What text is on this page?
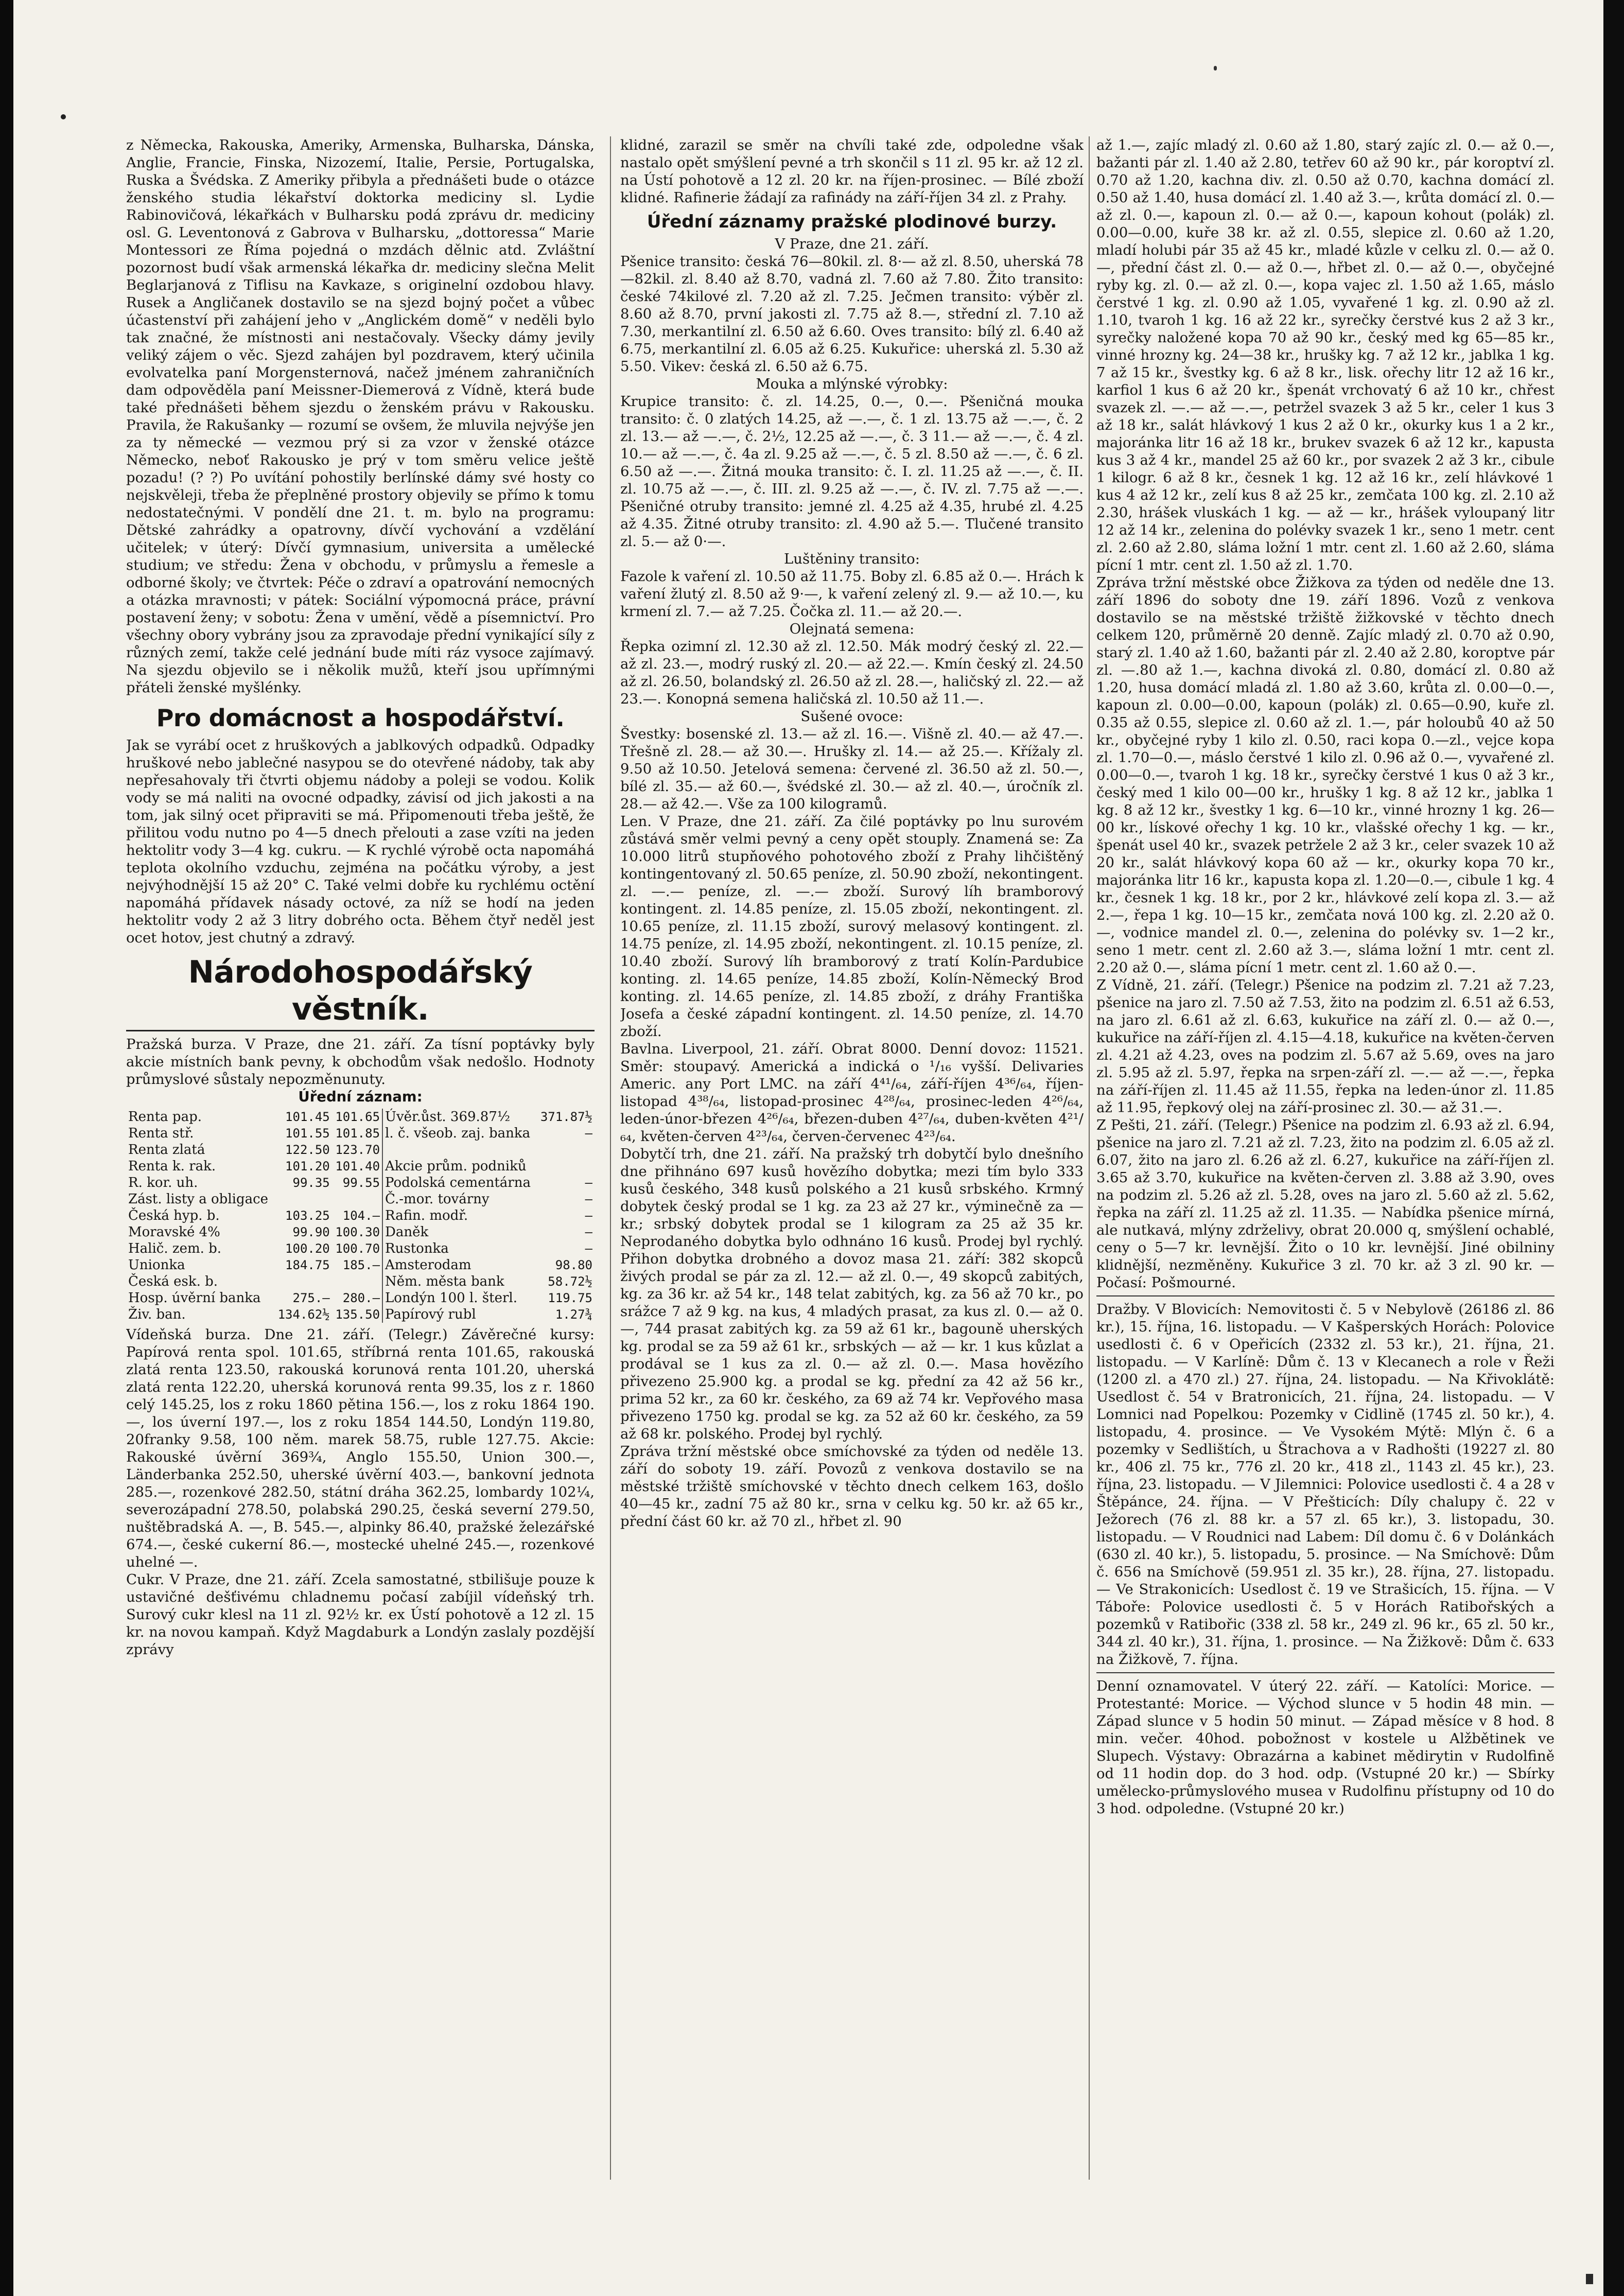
z Německa, Rakouska, Ameriky, Armenska, Bulharska, Dánska, Anglie, Francie, Finska, Nizozemí, Italie, Persie, Portugalska, Ruska a Švédska. Z Ameriky přibyla a přednášeti bude o otázce ženského studia lékařství doktorka mediciny sl. Lydie Rabinovičová, lékařkách v Bulharsku podá zprávu dr. mediciny osl. G. Leventonová z Gabrova v Bulharsku, „dottoressa“ Marie Montessori ze Říma pojedná o mzdách dělnic atd. Zvláštní pozornost budí však armenská lékařka dr. mediciny slečna Melit Beglarjanová z Tiflisu na Kavkaze, s originelní ozdobou hlavy. Rusek a Angličanek dostavilo se na sjezd bojný počet a vůbec účastenství při zahájení jeho v „Anglickém domě“ v neděli bylo tak značné, že místnosti ani nestačovaly. Všecky dámy jevily veliký zájem o věc. Sjezd zahájen byl pozdravem, který učinila evolvatelka paní Morgensternová, načež jménem zahraničních dam odpověděla paní Meissner-Diemerová z Vídně, která bude také přednášeti během sjezdu o ženském právu v Rakousku. Pravila, že Rakušanky — rozumí se ovšem, že mluvila nejvýše jen za ty německé — vezmou prý si za vzor v ženské otázce Německo, neboť Rakousko je prý v tom směru velice ještě pozadu! (? ?) Po uvítání pohostily berlínské dámy své hosty co nejskvěleji, třeba že přeplněné prostory objevily se přímo k tomu nedostatečnými. V pondělí dne 21. t. m. bylo na programu: Dětské zahrádky a opatrovny, dívčí vychování a vzdělání učitelek; v úterý: Dívčí gymnasium, universita a umělecké studium; ve středu: Žena v obchodu, v průmyslu a řemesle a odborné školy; ve čtvrtek: Péče o zdraví a opatrování nemocných a otázka mravnosti; v pátek: Sociální výpomocná práce, právní postavení ženy; v sobotu: Žena v umění, vědě a písemnictví. Pro všechny obory vybrány jsou za zpravodaje přední vynikající síly z různých zemí, takže celé jednání bude míti ráz vysoce zajímavý. Na sjezdu objevilo se i několik mužů, kteří jsou upřímnými přáteli ženské myšlénky.

Pro domácnost a hospodářství.

Jak se vyrábí ocet z hruškových a jablkových odpadků. Odpadky hruškové nebo jablečné nasypou se do otevřené nádoby, tak aby nepřesahovaly tři čtvrti objemu nádoby a poleji se vodou. Kolik vody se má naliti na ovocné odpadky, závisí od jich jakosti a na tom, jak silný ocet připraviti se má. Připomenouti třeba ještě, že přilitou vodu nutno po 4—5 dnech přelouti a zase vzíti na jeden hektolitr vody 3—4 kg. cukru. — K rychlé výrobě octa napomáhá teplota okolního vzduchu, zejména na počátku výroby, a jest nejvýhodnější 15 až 20° C. Také velmi dobře ku rychlému octění napomáhá přídavek násady octové, za níž se hodí na jeden hektolitr vody 2 až 3 litry dobrého octa. Během čtyř neděl jest ocet hotov, jest chutný a zdravý.

Národohospodářský věstník.

Pražská burza. V Praze, dne 21. září. Za tísní poptávky byly akcie místních bank pevny, k obchodům však nedošlo. Hodnoty průmyslové sůstaly nepozměnunuty.

Úřední záznam:
Renta pap.	101.45	101.65	Úvěr.ůst. 369.87½	371.87½
Renta stř.	101.55	101.85	l. č. všeob. zaj. banka	—
Renta zlatá	122.50	123.70		
Renta k. rak.	101.20	101.40	Akcie prům. podniků	
R. kor. uh.	99.35	99.55	Podolská cementárna	—
Zást. listy a obligace			Č.-mor. továrny	—
Česká hyp. b.	103.25	104.—	Rafin. modř.	—
Moravské 4%	99.90	100.30	Daněk	—
Halič. zem. b.	100.20	100.70	Rustonka	—
Unionka	184.75	185.—	Amsterodam	98.80
Česká esk. b.			Něm. města bank	58.72½
Hosp. úvěrní banka	275.—	280.—	Londýn 100 l. šterl.	119.75
Živ. ban.	134.62½	135.50	Papírový rubl	1.27¾

Vídeňská burza. Dne 21. září. (Telegr.) Závěrečné kursy: Papírová renta spol. 101.65, stříbrná renta 101.65, rakouská zlatá renta 123.50, rakouská korunová renta 101.20, uherská zlatá renta 122.20, uherská korunová renta 99.35, los z r. 1860 celý 145.25, los z roku 1860 pětina 156.—, los z roku 1864 190.—, los úverní 197.—, los z roku 1854 144.50, Londýn 119.80, 20franky 9.58, 100 něm. marek 58.75, ruble 127.75. Akcie: Rakouské úvěrní 369¾, Anglo 155.50, Union 300.—, Länderbanka 252.50, uherské úvěrní 403.—, bankovní jednota 285.—, rozenkové 282.50, státní dráha 362.25, lombardy 102¼, severozápadní 278.50, polabská 290.25, česká severní 279.50, nuštěbradská A. —, B. 545.—, alpinky 86.40, pražské železářské 674.—, české cukerní 86.—, mostecké uhelné 245.—, rozenkové uhelné —.

Cukr. V Praze, dne 21. září. Zcela samostatné, stbilišuje pouze k ustavičné dešťivému chladnemu počasí zabíjil vídeňský trh. Surový cukr klesl na 11 zl. 92½ kr. ex Ústí pohotově a 12 zl. 15 kr. na novou kampaň. Když Magdaburk a Londýn zaslaly pozdější zprávy

klidné, zarazil se směr na chvíli také zde, odpoledne však nastalo opět smýšlení pevné a trh skončil s 11 zl. 95 kr. až 12 zl. na Ústí pohotově a 12 zl. 20 kr. na říjen-prosinec. — Bílé zboží klidné. Rafinerie žádají za rafinády na září-říjen 34 zl. z Prahy.

Úřední záznamy pražské plodinové burzy.
V Praze, dne 21. září.

Pšenice transito: česká 76—80kil. zl. 8·— až zl. 8.50, uherská 78—82kil. zl. 8.40 až 8.70, vadná zl. 7.60 až 7.80. Žito transito: české 74kilové zl. 7.20 až zl. 7.25. Ječmen transito: výběr zl. 8.60 až 8.70, první jakosti zl. 7.75 až 8.—, střední zl. 7.10 až 7.30, merkantilní zl. 6.50 až 6.60. Oves transito: bílý zl. 6.40 až 6.75, merkantilní zl. 6.05 až 6.25. Kukuřice: uherská zl. 5.30 až 5.50. Vikev: česká zl. 6.50 až 6.75.

Mouka a mlýnské výrobky:

Krupice transito: č. zl. 14.25, 0.—, 0.—. Pšeničná mouka transito: č. 0 zlatých 14.25, až —.—, č. 1 zl. 13.75 až —.—, č. 2 zl. 13.— až —.—, č. 2½, 12.25 až —.—, č. 3 11.— až —.—, č. 4 zl. 10.— až —.—, č. 4a zl. 9.25 až —.—, č. 5 zl. 8.50 až —.—, č. 6 zl. 6.50 až —.—. Žitná mouka transito: č. I. zl. 11.25 až —.—, č. II. zl. 10.75 až —.—, č. III. zl. 9.25 až —.—, č. IV. zl. 7.75 až —.—. Pšeničné otruby transito: jemné zl. 4.25 až 4.35, hrubé zl. 4.25 až 4.35. Žitné otruby transito: zl. 4.90 až 5.—. Tlučené transito zl. 5.— až 0·—.

Luštěniny transito:

Fazole k vaření zl. 10.50 až 11.75. Boby zl. 6.85 až 0.—. Hrách k vaření žlutý zl. 8.50 až 9·—, k vaření zelený zl. 9.— až 10.—, ku krmení zl. 7.— až 7.25. Čočka zl. 11.— až 20.—.

Olejnatá semena:

Řepka ozimní zl. 12.30 až zl. 12.50. Mák modrý český zl. 22.— až zl. 23.—, modrý ruský zl. 20.— až 22.—. Kmín český zl. 24.50 až zl. 26.50, bolandský zl. 26.50 až zl. 28.—, haličský zl. 22.— až 23.—. Konopná semena haličská zl. 10.50 až 11.—.

Sušené ovoce:

Švestky: bosenské zl. 13.— až zl. 16.—. Višně zl. 40.— až 47.—. Třešně zl. 28.— až 30.—. Hrušky zl. 14.— až 25.—. Křížaly zl. 9.50 až 10.50. Jetelová semena: červené zl. 36.50 až zl. 50.—, bílé zl. 35.— až 60.—, švédské zl. 30.— až zl. 40.—, úročník zl. 28.— až 42.—. Vše za 100 kilogramů.

Len. V Praze, dne 21. září. Za čilé poptávky po lnu surovém zůstává směr velmi pevný a ceny opět stouply. Znamená se: Za 10.000 litrů stupňového pohotového zboží z Prahy lihčištěný kontingentovaný zl. 50.65 peníze, zl. 50.90 zboží, nekontingent. zl. —.— peníze, zl. —.— zboží. Surový líh bramborový kontingent. zl. 14.85 peníze, zl. 15.05 zboží, nekontingent. zl. 10.65 peníze, zl. 11.15 zboží, surový melasový kontingent. zl. 14.75 peníze, zl. 14.95 zboží, nekontingent. zl. 10.15 peníze, zl. 10.40 zboží. Surový líh bramborový z tratí Kolín-Pardubice konting. zl. 14.65 peníze, 14.85 zboží, Kolín-Německý Brod konting. zl. 14.65 peníze, zl. 14.85 zboží, z dráhy Františka Josefa a české západní kontingent. zl. 14.50 peníze, zl. 14.70 zboží.

Bavlna. Liverpool, 21. září. Obrat 8000. Denní dovoz: 11521. Směr: stoupavý. Americká a indická o ¹/₁₆ vyšší. Delivaries Americ. any Port LMC. na září 4⁴¹/₆₄, září-říjen 4³⁶/₆₄, říjen-listopad 4³⁸/₆₄, listopad-prosinec 4²⁸/₆₄, prosinec-leden 4²⁶/₆₄, leden-únor-březen 4²⁶/₆₄, březen-duben 4²⁷/₆₄, duben-květen 4²¹/₆₄, květen-červen 4²³/₆₄, červen-červenec 4²³/₆₄.

Dobytčí trh, dne 21. září. Na pražský trh dobytčí bylo dnešního dne přihnáno 697 kusů hovězího dobytka; mezi tím bylo 333 kusů českého, 348 kusů polského a 21 kusů srbského. Krmný dobytek český prodal se 1 kg. za 23 až 27 kr., výminečně za — kr.; srbský dobytek prodal se 1 kilogram za 25 až 35 kr. Neprodaného dobytka bylo odhnáno 16 kusů. Prodej byl rychlý. Přihon dobytka drobného a dovoz masa 21. září: 382 skopců živých prodal se pár za zl. 12.— až zl. 0.—, 49 skopců zabitých, kg. za 36 kr. až 54 kr., 148 telat zabitých, kg. za 56 až 70 kr., po srážce 7 až 9 kg. na kus, 4 mladých prasat, za kus zl. 0.— až 0.—, 744 prasat zabitých kg. za 59 až 61 kr., bagouně uherských kg. prodal se za 59 až 61 kr., srbských — až — kr. 1 kus kůzlat a prodával se 1 kus za zl. 0.— až zl. 0.—. Masa hovězího přivezeno 25.900 kg. a prodal se kg. přední za 42 až 56 kr., prima 52 kr., za 60 kr. českého, za 69 až 74 kr. Vepřového masa přivezeno 1750 kg. prodal se kg. za 52 až 60 kr. českého, za 59 až 68 kr. polského. Prodej byl rychlý.

Zpráva tržní městské obce smíchovské za týden od neděle 13. září do soboty 19. září. Povozů z venkova dostavilo se na městské tržiště smíchovské v těchto dnech celkem 163, došlo 40—45 kr., zadní 75 až 80 kr., srna v celku kg. 50 kr. až 65 kr., přední část 60 kr. až 70 zl., hřbet zl. 90

až 1.—, zajíc mladý zl. 0.60 až 1.80, starý zajíc zl. 0.— až 0.—, bažanti pár zl. 1.40 až 2.80, tetřev 60 až 90 kr., pár koroptví zl. 0.70 až 1.20, kachna div. zl. 0.50 až 0.70, kachna domácí zl. 0.50 až 1.40, husa domácí zl. 1.40 až 3.—, krůta domácí zl. 0.— až zl. 0.—, kapoun zl. 0.— až 0.—, kapoun kohout (polák) zl. 0.00—0.00, kuře 38 kr. až zl. 0.55, slepice zl. 0.60 až 1.20, mladí holubi pár 35 až 45 kr., mladé kůzle v celku zl. 0.— až 0.—, přední část zl. 0.— až 0.—, hřbet zl. 0.— až 0.—, obyčejné ryby kg. zl. 0.— až zl. 0.—, kopa vajec zl. 1.50 až 1.65, máslo čerstvé 1 kg. zl. 0.90 až 1.05, vyvařené 1 kg. zl. 0.90 až zl. 1.10, tvaroh 1 kg. 16 až 22 kr., syrečky čerstvé kus 2 až 3 kr., syrečky naložené kopa 70 až 90 kr., český med kg 65—85 kr., vinné hrozny kg. 24—38 kr., hrušky kg. 7 až 12 kr., jablka 1 kg. 7 až 15 kr., švestky kg. 6 až 8 kr., lisk. ořechy litr 12 až 16 kr., karfiol 1 kus 6 až 20 kr., špenát vrchovatý 6 až 10 kr., chřest svazek zl. —.— až —.—, petržel svazek 3 až 5 kr., celer 1 kus 3 až 18 kr., salát hlávkový 1 kus 2 až 0 kr., okurky kus 1 a 2 kr., majoránka litr 16 až 18 kr., brukev svazek 6 až 12 kr., kapusta kus 3 až 4 kr., mandel 25 až 60 kr., por svazek 2 až 3 kr., cibule 1 kilogr. 6 až 8 kr., česnek 1 kg. 12 až 16 kr., zelí hlávkové 1 kus 4 až 12 kr., zelí kus 8 až 25 kr., zemčata 100 kg. zl. 2.10 až 2.30, hrášek vluskách 1 kg. — až — kr., hrášek vyloupaný litr 12 až 14 kr., zelenina do polévky svazek 1 kr., seno 1 metr. cent zl. 2.60 až 2.80, sláma ložní 1 mtr. cent zl. 1.60 až 2.60, sláma pícní 1 mtr. cent zl. 1.50 až zl. 1.70.

Zpráva tržní městské obce Žižkova za týden od neděle dne 13. září 1896 do soboty dne 19. září 1896. Vozů z venkova dostavilo se na městské tržiště žižkovské v těchto dnech celkem 120, průměrně 20 denně. Zajíc mladý zl. 0.70 až 0.90, starý zl. 1.40 až 1.60, bažanti pár zl. 2.40 až 2.80, koroptve pár zl. —.80 až 1.—, kachna divoká zl. 0.80, domácí zl. 0.80 až 1.20, husa domácí mladá zl. 1.80 až 3.60, krůta zl. 0.00—0.—, kapoun zl. 0.00—0.00, kapoun (polák) zl. 0.65—0.90, kuře zl. 0.35 až 0.55, slepice zl. 0.60 až zl. 1.—, pár holoubů 40 až 50 kr., obyčejné ryby 1 kilo zl. 0.50, raci kopa 0.—zl., vejce kopa zl. 1.70—0.—, máslo čerstvé 1 kilo zl. 0.96 až 0.—, vyvařené zl. 0.00—0.—, tvaroh 1 kg. 18 kr., syrečky čerstvé 1 kus 0 až 3 kr., český med 1 kilo 00—00 kr., hrušky 1 kg. 8 až 12 kr., jablka 1 kg. 8 až 12 kr., švestky 1 kg. 6—10 kr., vinné hrozny 1 kg. 26—00 kr., lískové ořechy 1 kg. 10 kr., vlašské ořechy 1 kg. — kr., špenát usel 40 kr., svazek petržele 2 až 3 kr., celer svazek 10 až 20 kr., salát hlávkový kopa 60 až — kr., okurky kopa 70 kr., majoránka litr 16 kr., kapusta kopa zl. 1.20—0.—, cibule 1 kg. 4 kr., česnek 1 kg. 18 kr., por 2 kr., hlávkové zelí kopa zl. 3.— až 2.—, řepa 1 kg. 10—15 kr., zemčata nová 100 kg. zl. 2.20 až 0.—, vodnice mandel zl. 0.—, zelenina do polévky sv. 1—2 kr., seno 1 metr. cent zl. 2.60 až 3.—, sláma ložní 1 mtr. cent zl. 2.20 až 0.—, sláma pícní 1 metr. cent zl. 1.60 až 0.—.

Z Vídně, 21. září. (Telegr.) Pšenice na podzim zl. 7.21 až 7.23, pšenice na jaro zl. 7.50 až 7.53, žito na podzim zl. 6.51 až 6.53, na jaro zl. 6.61 až zl. 6.63, kukuřice na září zl. 0.— až 0.—, kukuřice na září-říjen zl. 4.15—4.18, kukuřice na květen-červen zl. 4.21 až 4.23, oves na podzim zl. 5.67 až 5.69, oves na jaro zl. 5.95 až zl. 5.97, řepka na srpen-září zl. —.— až —.—, řepka na září-říjen zl. 11.45 až 11.55, řepka na leden-únor zl. 11.85 až 11.95, řepkový olej na září-prosinec zl. 30.— až 31.—.

Z Pešti, 21. září. (Telegr.) Pšenice na podzim zl. 6.93 až zl. 6.94, pšenice na jaro zl. 7.21 až zl. 7.23, žito na podzim zl. 6.05 až zl. 6.07, žito na jaro zl. 6.26 až zl. 6.27, kukuřice na září-říjen zl. 3.65 až 3.70, kukuřice na květen-červen zl. 3.88 až 3.90, oves na podzim zl. 5.26 až zl. 5.28, oves na jaro zl. 5.60 až zl. 5.62, řepka na září zl. 11.25 až zl. 11.35. — Nabídka pšenice mírná, ale nutkavá, mlýny zdrželivy, obrat 20.000 q, smýšlení ochablé, ceny o 5—7 kr. levnější. Žito o 10 kr. levnější. Jiné obilniny klidnější, nezměněny. Kukuřice 3 zl. 70 kr. až 3 zl. 90 kr. — Počasí: Pošmourné.

Dražby. V Blovicích: Nemovitosti č. 5 v Nebylově (26186 zl. 86 kr.), 15. října, 16. listopadu. — V Kašperských Horách: Polovice usedlosti č. 6 v Opeřicích (2332 zl. 53 kr.), 21. října, 21. listopadu. — V Karlíně: Dům č. 13 v Klecanech a role v Řeži (1200 zl. a 470 zl.) 27. října, 24. listopadu. — Na Křivoklátě: Usedlost č. 54 v Bratronicích, 21. října, 24. listopadu. — V Lomnici nad Popelkou: Pozemky v Cidlině (1745 zl. 50 kr.), 4. listopadu, 4. prosince. — Ve Vysokém Mýtě: Mlýn č. 6 a pozemky v Sedlištích, u Štrachova a v Radhošti (19227 zl. 80 kr., 406 zl. 75 kr., 776 zl. 20 kr., 418 zl., 1143 zl. 45 kr.), 23. října, 23. listopadu. — V Jilemnici: Polovice usedlosti č. 4 a 28 v Štěpánce, 24. října. — V Přešticích: Díly chalupy č. 22 v Ježorech (76 zl. 88 kr. a 57 zl. 65 kr.), 3. listopadu, 30. listopadu. — V Roudnici nad Labem: Díl domu č. 6 v Dolánkách (630 zl. 40 kr.), 5. listopadu, 5. prosince. — Na Smíchově: Dům č. 656 na Smíchově (59.951 zl. 35 kr.), 28. října, 27. listopadu. — Ve Strakonicích: Usedlost č. 19 ve Strašicích, 15. října. — V Táboře: Polovice usedlosti č. 5 v Horách Ratibořských a pozemků v Ratibořic (338 zl. 58 kr., 249 zl. 96 kr., 65 zl. 50 kr., 344 zl. 40 kr.), 31. října, 1. prosince. — Na Žižkově: Dům č. 633 na Žižkově, 7. října.

Denní oznamovatel. V úterý 22. září. — Katolíci: Morice. — Protestanté: Morice. — Východ slunce v 5 hodin 48 min. — Západ slunce v 5 hodin 50 minut. — Západ měsíce v 8 hod. 8 min. večer. 40hod. pobožnost v kostele u Alžbětinek ve Slupech. Výstavy: Obrazárna a kabinet mědirytin v Rudolfině od 11 hodin dop. do 3 hod. odp. (Vstupné 20 kr.) — Sbírky umělecko-průmyslového musea v Rudolfinu přístupny od 10 do 3 hod. odpoledne. (Vstupné 20 kr.)
